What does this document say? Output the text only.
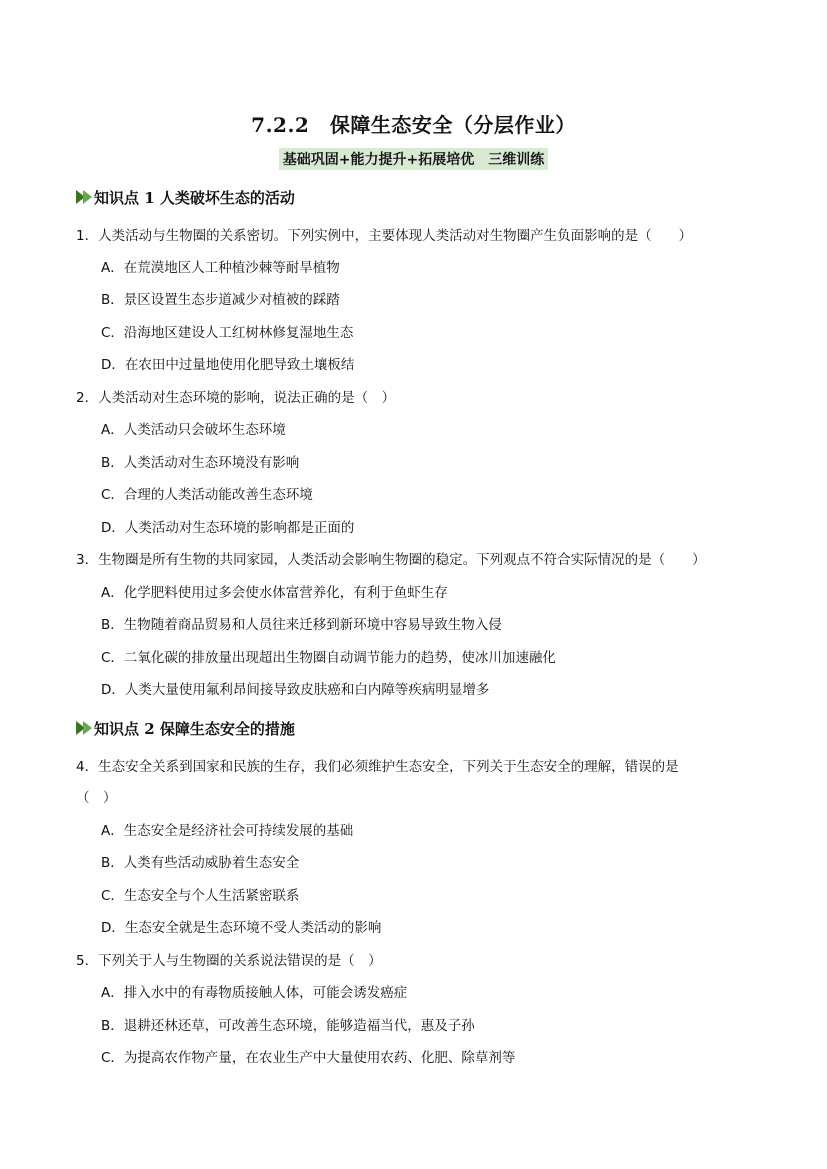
7.2.2　保障生态安全（分层作业）
基础巩固+能力提升+拓展培优　三维训练
知识点 1 人类破坏生态的活动
1．人类活动与生物圈的关系密切。下列实例中，主要体现人类活动对生物圈产生负面影响的是（　　）
A．在荒漠地区人工种植沙棘等耐旱植物
B．景区设置生态步道减少对植被的踩踏
C．沿海地区建设人工红树林修复湿地生态
D．在农田中过量地使用化肥导致土壤板结
2．人类活动对生态环境的影响，说法正确的是（　）
A．人类活动只会破坏生态环境
B．人类活动对生态环境没有影响
C．合理的人类活动能改善生态环境
D．人类活动对生态环境的影响都是正面的
3．生物圈是所有生物的共同家园，人类活动会影响生物圈的稳定。下列观点不符合实际情况的是（　　）
A．化学肥料使用过多会使水体富营养化，有利于鱼虾生存
B．生物随着商品贸易和人员往来迁移到新环境中容易导致生物入侵
C．二氧化碳的排放量出现超出生物圈自动调节能力的趋势，使冰川加速融化
D．人类大量使用氟利昂间接导致皮肤癌和白内障等疾病明显增多
知识点 2 保障生态安全的措施
4．生态安全关系到国家和民族的生存，我们必须维护生态安全，下列关于生态安全的理解，错误的是
（　）
A．生态安全是经济社会可持续发展的基础
B．人类有些活动威胁着生态安全
C．生态安全与个人生活紧密联系
D．生态安全就是生态环境不受人类活动的影响
5．下列关于人与生物圈的关系说法错误的是（　）
A．排入水中的有毒物质接触人体，可能会诱发癌症
B．退耕还林还草，可改善生态环境，能够造福当代，惠及子孙
C．为提高农作物产量，在农业生产中大量使用农药、化肥、除草剂等
